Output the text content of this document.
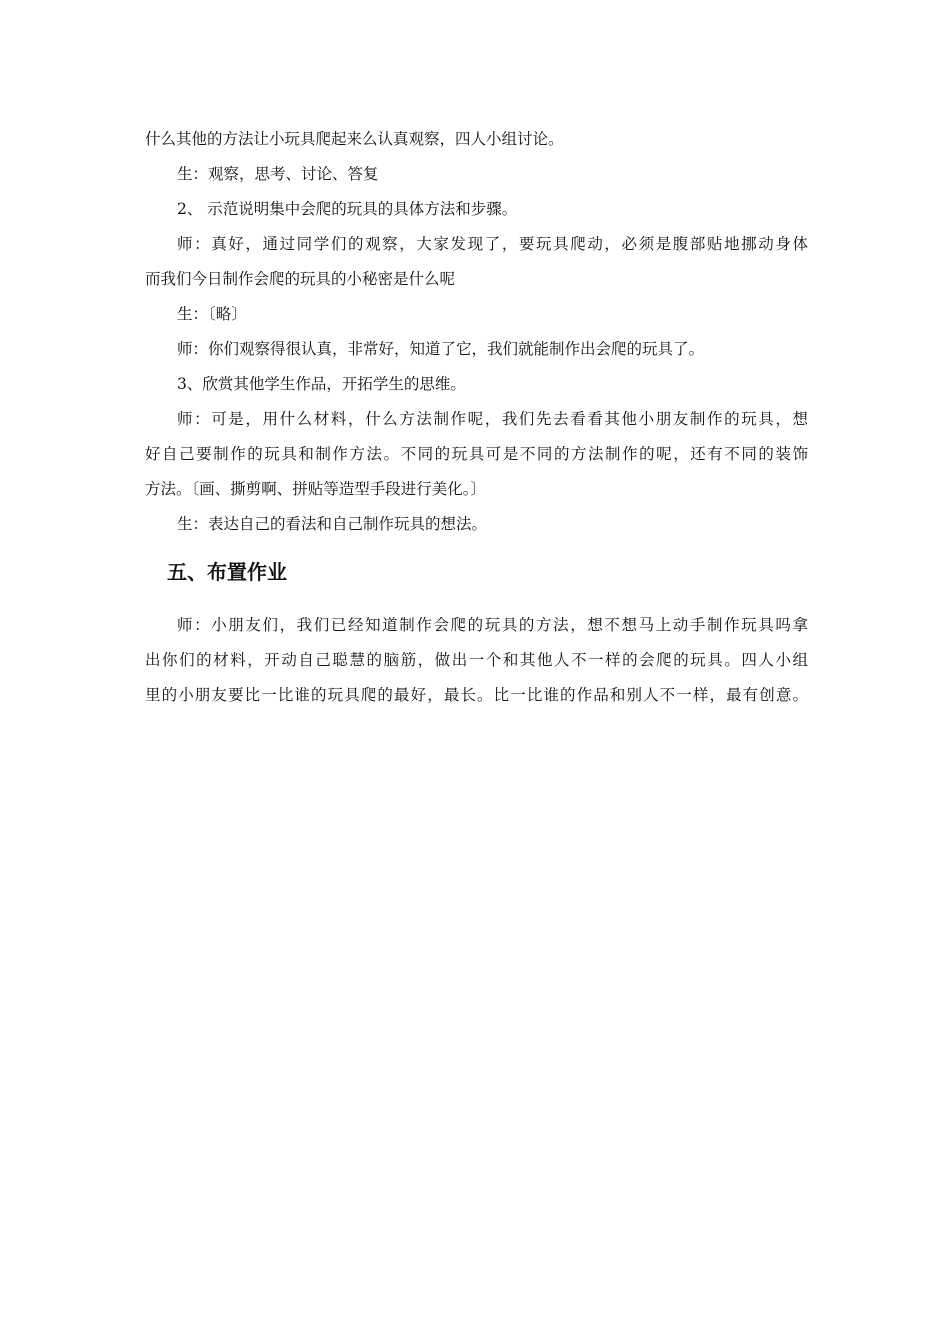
什么其他的方法让小玩具爬起来么认真观察，四人小组讨论。
生：观察，思考、讨论、答复
2、 示范说明集中会爬的玩具的具体方法和步骤。
师：真好，通过同学们的观察，大家发现了，要玩具爬动，必须是腹部贴地挪动身体
而我们今日制作会爬的玩具的小秘密是什么呢
生：〔略〕
师：你们观察得很认真，非常好，知道了它，我们就能制作出会爬的玩具了。
3、欣赏其他学生作品，开拓学生的思维。
师：可是，用什么材料，什么方法制作呢，我们先去看看其他小朋友制作的玩具，想
好自己要制作的玩具和制作方法。不同的玩具可是不同的方法制作的呢，还有不同的装饰
方法。〔画、撕剪啊、拼贴等造型手段进行美化。〕
生：表达自己的看法和自己制作玩具的想法。
五、布置作业
师：小朋友们，我们已经知道制作会爬的玩具的方法，想不想马上动手制作玩具吗拿
出你们的材料，开动自己聪慧的脑筋，做出一个和其他人不一样的会爬的玩具。四人小组
里的小朋友要比一比谁的玩具爬的最好，最长。比一比谁的作品和别人不一样，最有创意。
